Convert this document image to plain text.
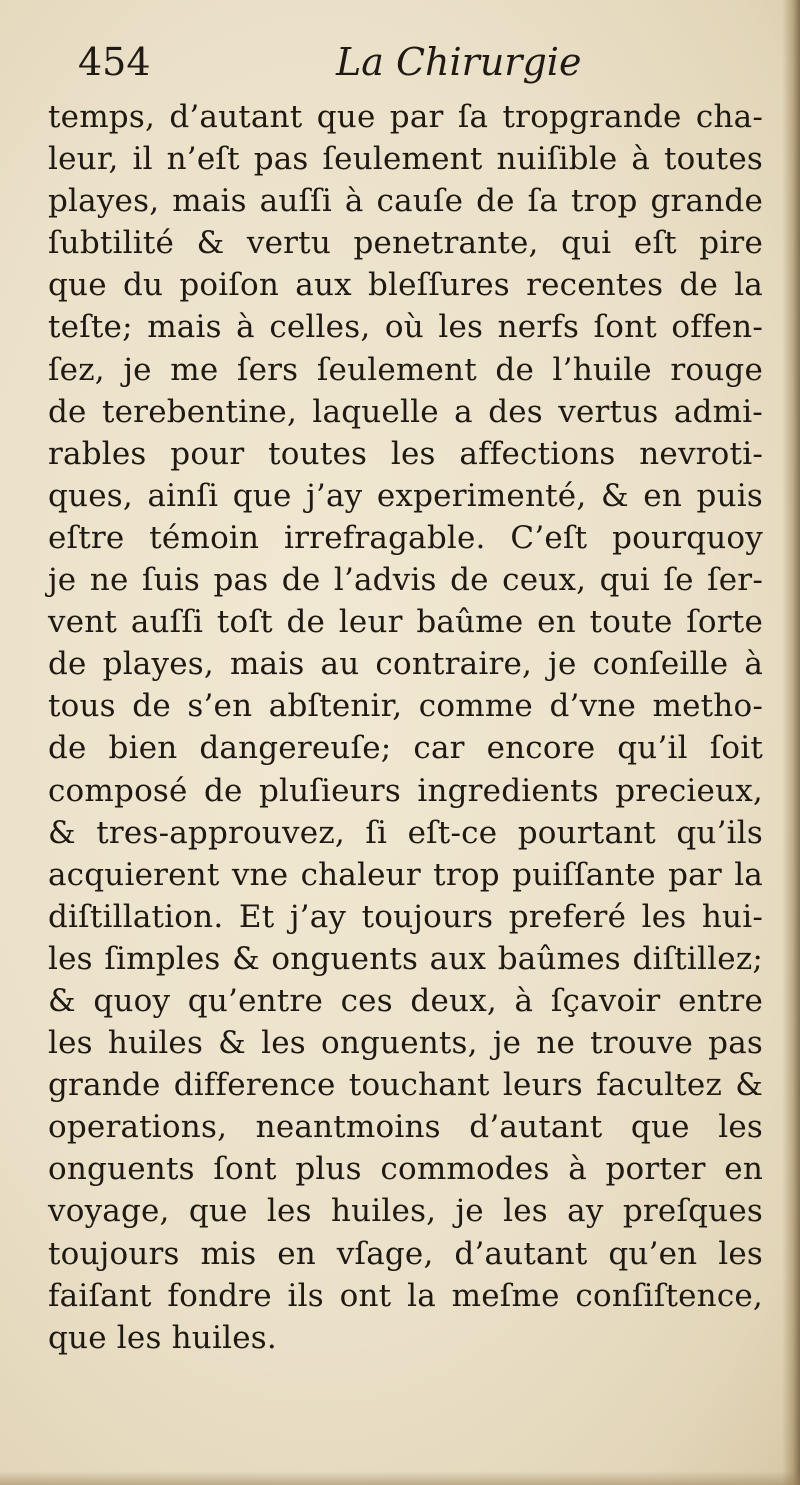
454	La Chirurgie
temps, d’autant que par ſa tropgrande cha-
leur, il n’eſt pas ſeulement nuiſible à toutes
playes, mais auſſi à cauſe de ſa trop grande
ſubtilité & vertu penetrante, qui eſt pire
que du poiſon aux bleſſures recentes de la
teſte; mais à celles, où les nerfs ſont offen-
ſez, je me ſers ſeulement de l’huile rouge
de terebentine, laquelle a des vertus admi-
rables pour toutes les affections nevroti-
ques, ainſi que j’ay experimenté, & en puis
eſtre témoin irrefragable. C’eſt pourquoy
je ne ſuis pas de l’advis de ceux, qui ſe ſer-
vent auſſi toſt de leur baûme en toute ſorte
de playes, mais au contraire, je conſeille à
tous de s’en abſtenir, comme d’vne metho-
de bien dangereuſe; car encore qu’il ſoit
composé de pluſieurs ingredients precieux,
& tres-approuvez, ſi eſt-ce pourtant qu’ils
acquierent vne chaleur trop puiſſante par la
diſtillation. Et j’ay toujours preferé les hui-
les ſimples & onguents aux baûmes diſtillez;
& quoy qu’entre ces deux, à ſçavoir entre
les huiles & les onguents, je ne trouve pas
grande difference touchant leurs facultez &
operations, neantmoins d’autant que les
onguents ſont plus commodes à porter en
voyage, que les huiles, je les ay preſques
toujours mis en vſage, d’autant qu’en les
faiſant fondre ils ont la meſme conſiſtence,
que les huiles.
